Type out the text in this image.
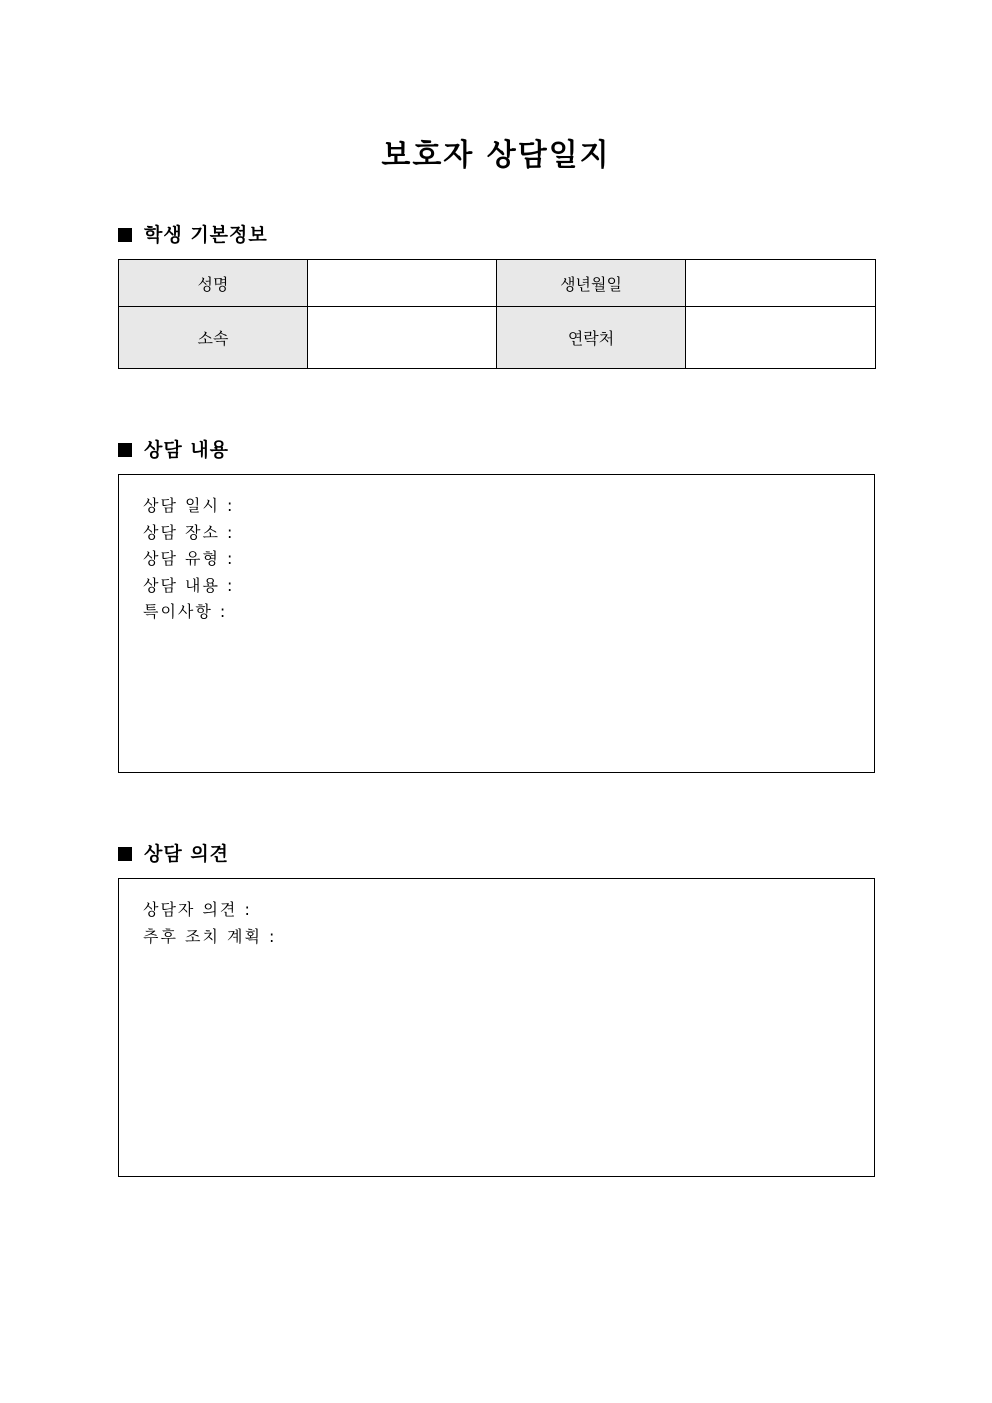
보호자 상담일지
학생 기본정보
성명		생년월일	
소속		연락처	
상담 내용
상담 일시 :
상담 장소 :
상담 유형 :
상담 내용 :
특이사항 :
상담 의견
상담자 의견 :
추후 조치 계획 :
